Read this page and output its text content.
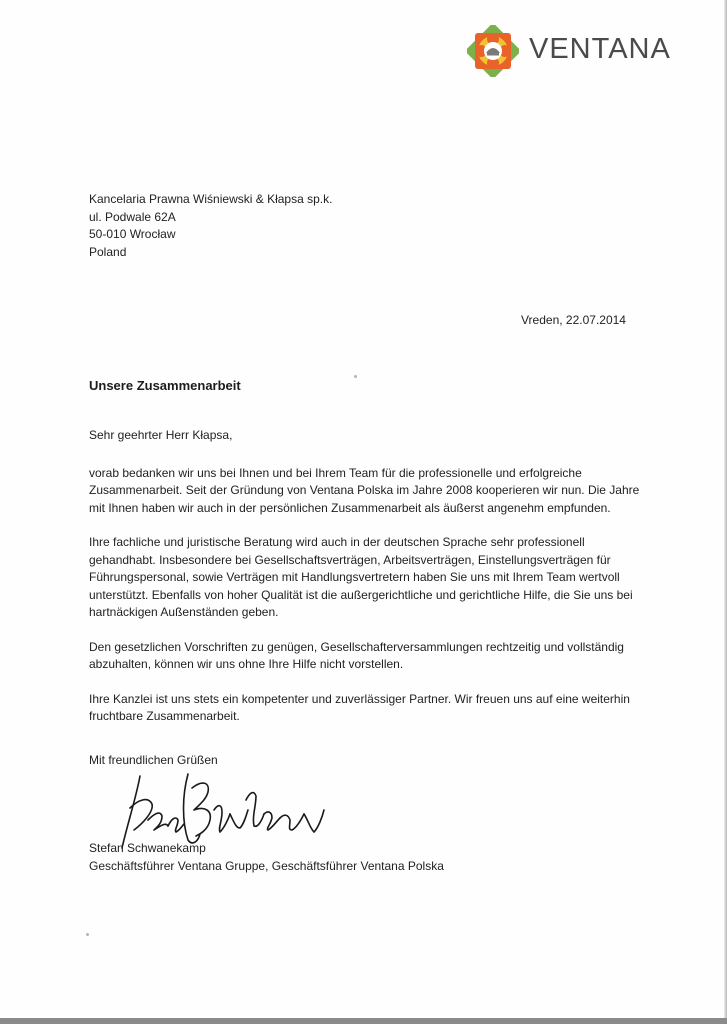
VENTANA
Kancelaria Prawna Wiśniewski & Kłapsa sp.k.
ul. Podwale 62A
50-010 Wrocław
Poland
Vreden, 22.07.2014
Unsere Zusammenarbeit

Sehr geehrter Herr Kłapsa,

vorab bedanken wir uns bei Ihnen und bei Ihrem Team für die professionelle und erfolgreiche Zusammenarbeit. Seit der Gründung von Ventana Polska im Jahre 2008 kooperieren wir nun. Die Jahre mit Ihnen haben wir auch in der persönlichen Zusammenarbeit als äußerst angenehm empfunden.

Ihre fachliche und juristische Beratung wird auch in der deutschen Sprache sehr professionell gehandhabt. Insbesondere bei Gesellschaftsverträgen, Arbeitsverträgen, Einstellungsverträgen für Führungspersonal, sowie Verträgen mit Handlungsvertretern haben Sie uns mit Ihrem Team wertvoll unterstützt. Ebenfalls von hoher Qualität ist die außergerichtliche und gerichtliche Hilfe, die Sie uns bei hartnäckigen Außenständen geben.

Den gesetzlichen Vorschriften zu genügen, Gesellschafterversammlungen rechtzeitig und vollständig abzuhalten, können wir uns ohne Ihre Hilfe nicht vorstellen.

Ihre Kanzlei ist uns stets ein kompetenter und zuverlässiger Partner. Wir freuen uns auf eine weiterhin fruchtbare Zusammenarbeit.

Mit freundlichen Grüßen
Stefan Schwanekamp
Geschäftsführer Ventana Gruppe, Geschäftsführer Ventana Polska
